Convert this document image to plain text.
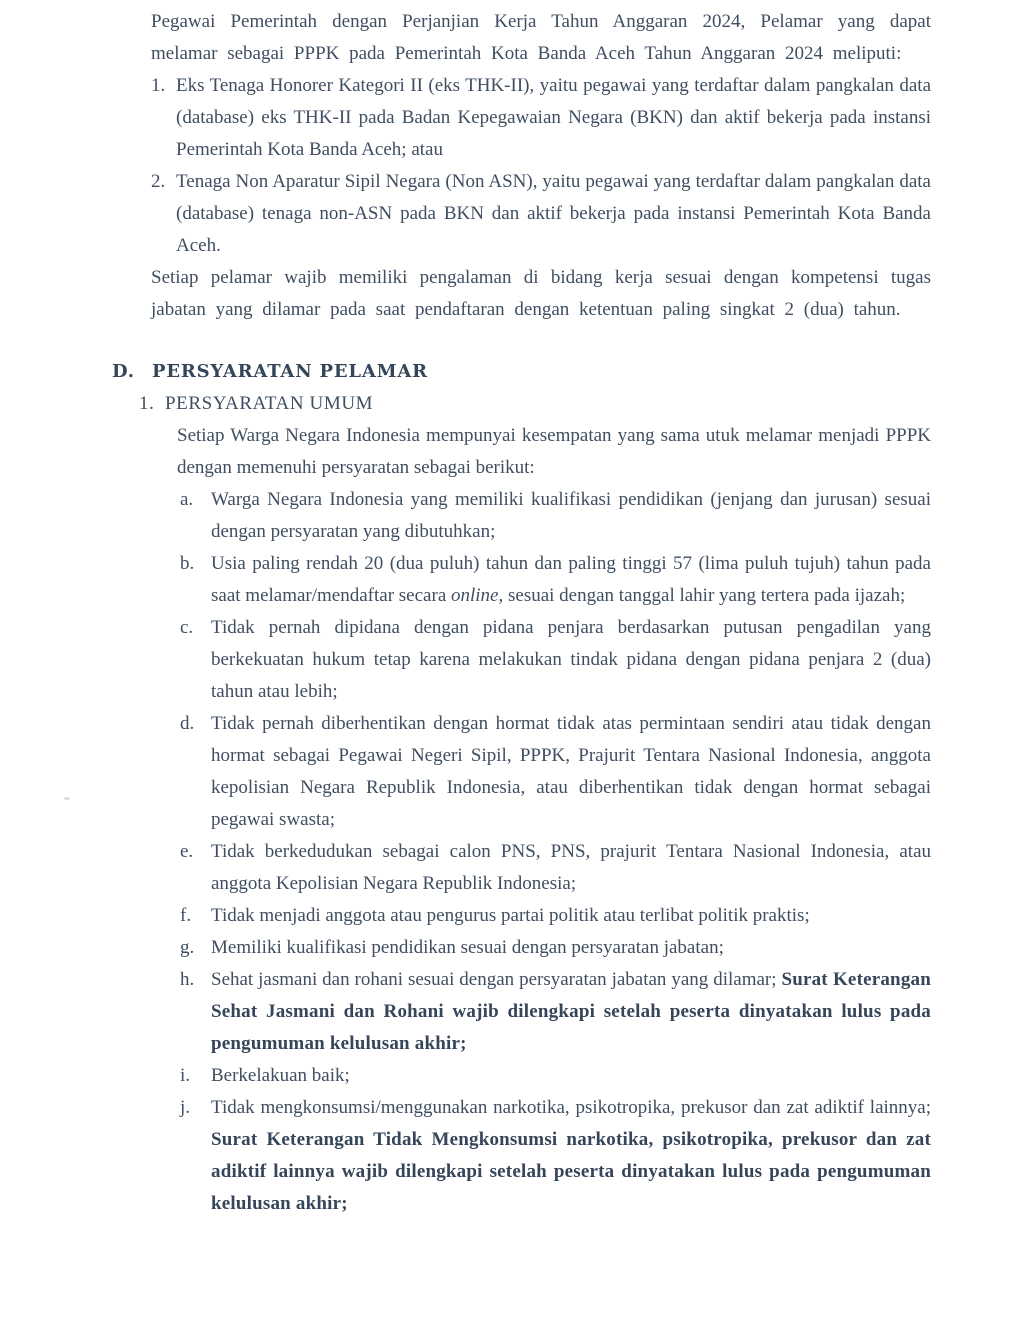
Pegawai Pemerintah dengan Perjanjian Kerja Tahun Anggaran 2024, Pelamar yang dapat melamar sebagai PPPK pada Pemerintah Kota Banda Aceh Tahun Anggaran 2024 meliputi:

1. Eks Tenaga Honorer Kategori II (eks THK-II), yaitu pegawai yang terdaftar dalam pangkalan data (database) eks THK-II pada Badan Kepegawaian Negara (BKN) dan aktif bekerja pada instansi Pemerintah Kota Banda Aceh; atau
2. Tenaga Non Aparatur Sipil Negara (Non ASN), yaitu pegawai yang terdaftar dalam pangkalan data (database) tenaga non-ASN pada BKN dan aktif bekerja pada instansi Pemerintah Kota Banda Aceh.

Setiap pelamar wajib memiliki pengalaman di bidang kerja sesuai dengan kompetensi tugas jabatan yang dilamar pada saat pendaftaran dengan ketentuan paling singkat 2 (dua) tahun.

D. PERSYARATAN PELAMAR
1. PERSYARATAN UMUM

Setiap Warga Negara Indonesia mempunyai kesempatan yang sama utuk melamar menjadi PPPK dengan memenuhi persyaratan sebagai berikut:

a. Warga Negara Indonesia yang memiliki kualifikasi pendidikan (jenjang dan jurusan) sesuai dengan persyaratan yang dibutuhkan;
b. Usia paling rendah 20 (dua puluh) tahun dan paling tinggi 57 (lima puluh tujuh) tahun pada saat melamar/mendaftar secara online, sesuai dengan tanggal lahir yang tertera pada ijazah;
c. Tidak pernah dipidana dengan pidana penjara berdasarkan putusan pengadilan yang berkekuatan hukum tetap karena melakukan tindak pidana dengan pidana penjara 2 (dua) tahun atau lebih;
d. Tidak pernah diberhentikan dengan hormat tidak atas permintaan sendiri atau tidak dengan hormat sebagai Pegawai Negeri Sipil, PPPK, Prajurit Tentara Nasional Indonesia, anggota kepolisian Negara Republik Indonesia, atau diberhentikan tidak dengan hormat sebagai pegawai swasta;
e. Tidak berkedudukan sebagai calon PNS, PNS, prajurit Tentara Nasional Indonesia, atau anggota Kepolisian Negara Republik Indonesia;
f.	Tidak menjadi anggota atau pengurus partai politik atau terlibat politik praktis;
g. Memiliki kualifikasi pendidikan sesuai dengan persyaratan jabatan;
h. Sehat jasmani dan rohani sesuai dengan persyaratan jabatan yang dilamar; Surat Keterangan Sehat Jasmani dan Rohani wajib dilengkapi setelah peserta dinyatakan lulus pada pengumuman kelulusan akhir;
i.	Berkelakuan baik;
j.	Tidak mengkonsumsi/menggunakan narkotika, psikotropika, prekusor dan zat adiktif lainnya; Surat Keterangan Tidak Mengkonsumsi narkotika, psikotropika, prekusor dan zat adiktif lainnya wajib dilengkapi setelah peserta dinyatakan lulus pada pengumuman kelulusan akhir;
